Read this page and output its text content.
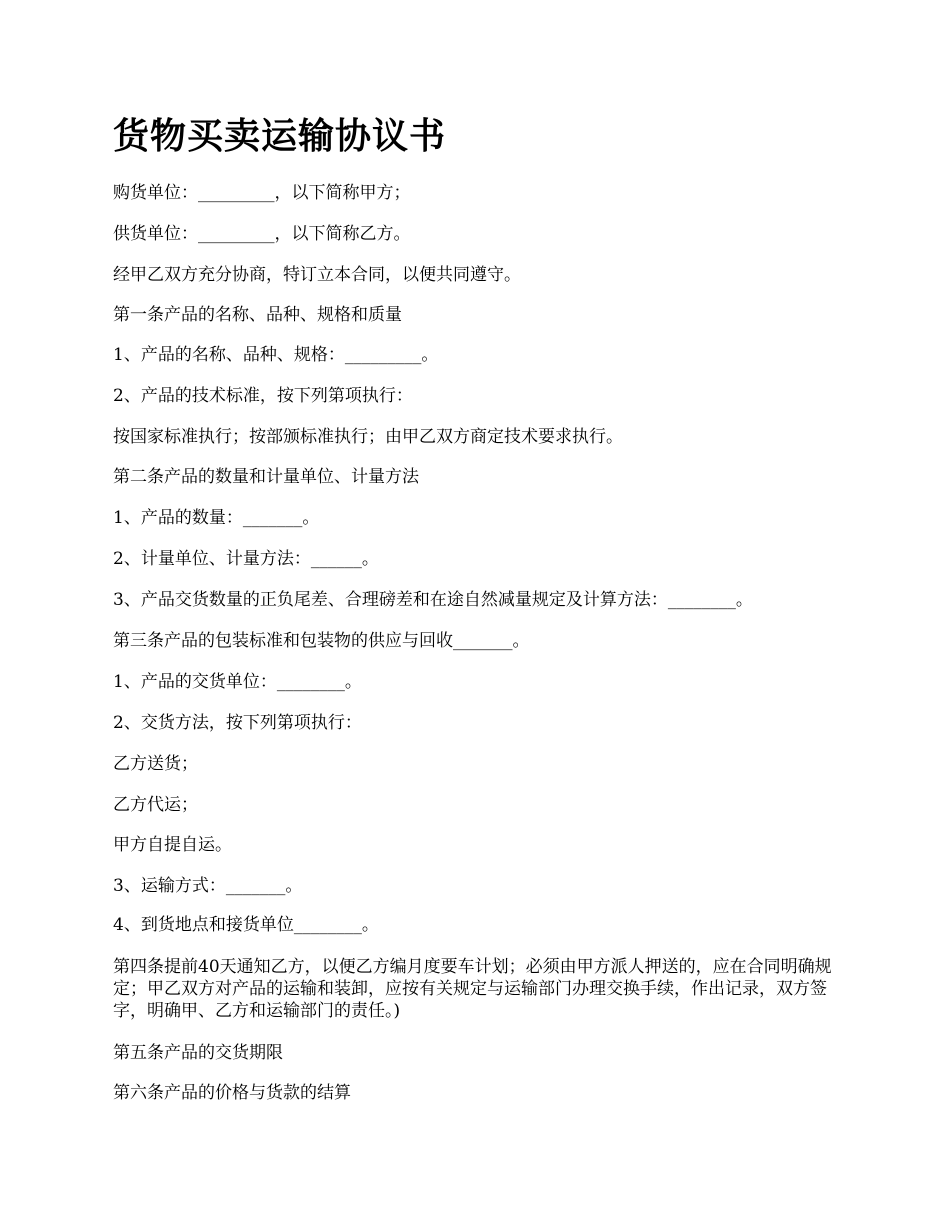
货物买卖运输协议书

购货单位：_________，以下简称甲方；

供货单位：_________，以下简称乙方。

经甲乙双方充分协商，特订立本合同，以便共同遵守。

第一条产品的名称、品种、规格和质量

1、产品的名称、品种、规格：_________。

2、产品的技术标准，按下列第项执行：

按国家标准执行；按部颁标准执行；由甲乙双方商定技术要求执行。

第二条产品的数量和计量单位、计量方法

1、产品的数量：_______。

2、计量单位、计量方法：______。

3、产品交货数量的正负尾差、合理磅差和在途自然减量规定及计算方法：________。

第三条产品的包装标准和包装物的供应与回收_______。

1、产品的交货单位：________。

2、交货方法，按下列第项执行：

乙方送货；

乙方代运；

甲方自提自运。

3、运输方式：_______。

4、到货地点和接货单位________。

第四条提前40天通知乙方，以便乙方编月度要车计划；必须由甲方派人押送的，应在合同明确规定；甲乙双方对产品的运输和装卸，应按有关规定与运输部门办理交换手续，作出记录，双方签字，明确甲、乙方和运输部门的责任。)

第五条产品的交货期限

第六条产品的价格与货款的结算
